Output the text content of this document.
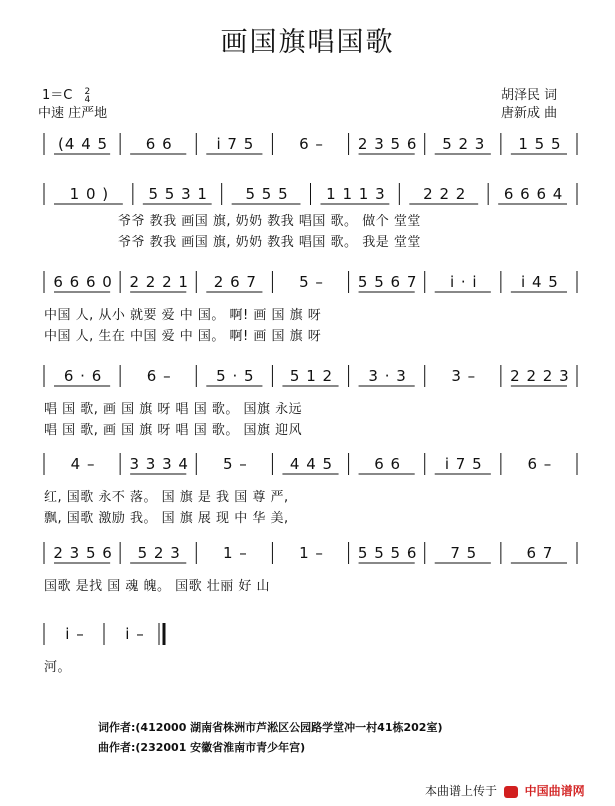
画国旗唱国歌
1＝C 2
4
中速 庄严地
胡泽民 词
唐新成 曲
(4 4 5	6 6	i 7 5	6 –	2 3 5 6	5 2 3	1 5 5
1 0 )	5 5 3 1	5 5 5	1 1 1 3	2 2 2	6 6 6 4
爷爷 教我 画国 旗, 奶奶 教我 唱国 歌。 做个 堂堂
爷爷 教我 画国 旗, 奶奶 教我 唱国 歌。 我是 堂堂
6 6 6 0 2 2 2 1	2 6 7	5 –	5 5 6 7	i · i	i 4 5
中国 人, 从小 就要 爱 中 国。 啊! 画 国 旗 呀
中国 人, 生在 中国 爱 中 国。 啊! 画 国 旗 呀
6 · 6	6 –	5 · 5	5 1 2	3 · 3	3 –	2 2 2 3
唱 国 歌, 画 国 旗 呀 唱 国 歌。 国旗 永远
唱 国 歌, 画 国 旗 呀 唱 国 歌。 国旗 迎风
4 –	3 3 3 4	5 –	4 4 5	6 6	i 7 5	6 –
红, 国歌 永不 落。 国 旗 是 我 国 尊 严,
飘, 国歌 激励 我。 国 旗 展 现 中 华 美,
2 3 5 6	5 2 3	1 –	1 –	5 5 5 6	7 5	6 7
国歌 是找 国 魂 魄。 国歌 壮丽 好 山
i –	i –
河。
词作者:(412000 湖南省株洲市芦淞区公园路学堂冲一村41栋202室)
曲作者:(232001 安徽省淮南市青少年宫)
本曲谱上传于 中国曲谱网
